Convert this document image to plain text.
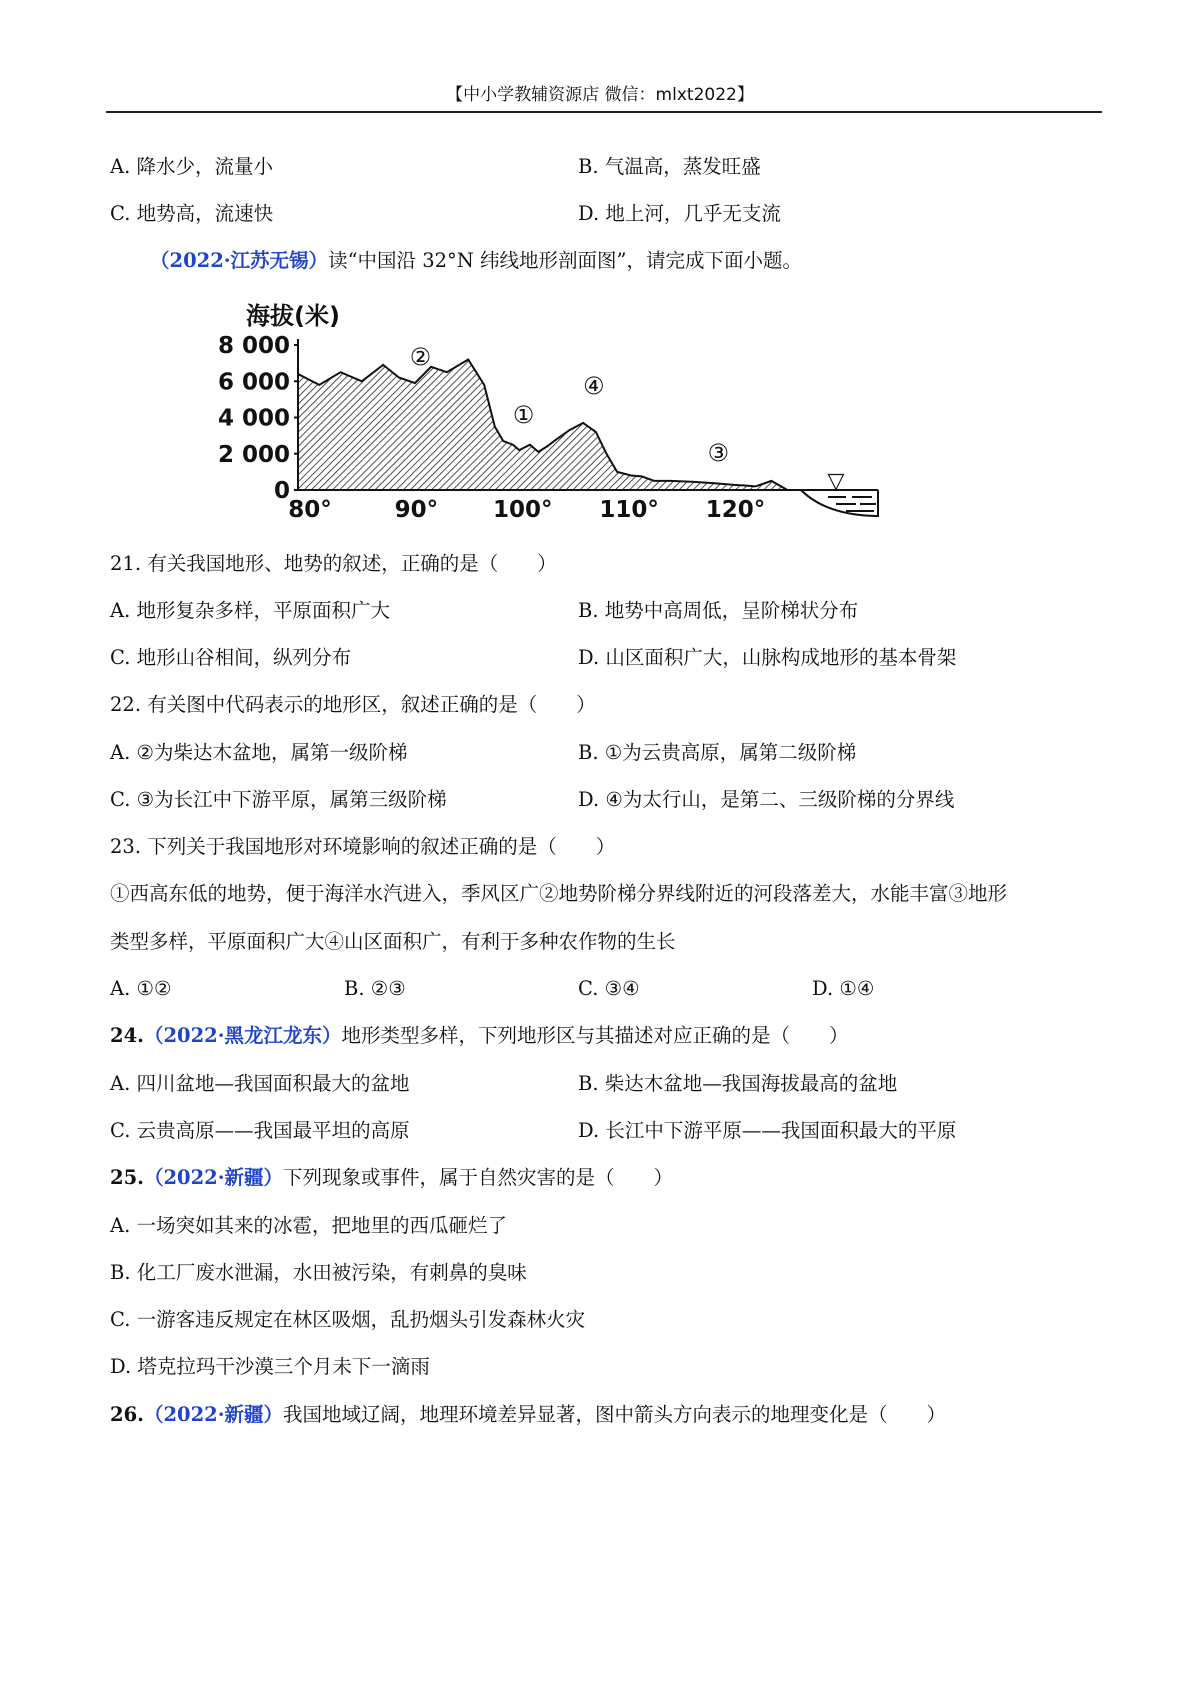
【中小学教辅资源店 微信：mlxt2022】
A. 降水少，流量小	B. 气温高，蒸发旺盛
C. 地势高，流速快	D. 地上河，几乎无支流
（2022·江苏无锡）读“中国沿 32°N 纬线地形剖面图”，请完成下面小题。
海拔(米)
8 000
6 000
4 000
2 000
0
80°	90° 100° 110° 120°
②
①
④
③
▽
21. 有关我国地形、地势的叙述，正确的是（　　）
A. 地形复杂多样，平原面积广大	B. 地势中高周低，呈阶梯状分布
C. 地形山谷相间，纵列分布	D. 山区面积广大，山脉构成地形的基本骨架
22. 有关图中代码表示的地形区，叙述正确的是（　　）
A. ②为柴达木盆地，属第一级阶梯	B. ①为云贵高原，属第二级阶梯
C. ③为长江中下游平原，属第三级阶梯	D. ④为太行山，是第二、三级阶梯的分界线
23. 下列关于我国地形对环境影响的叙述正确的是（　　）
①西高东低的地势，便于海洋水汽进入，季风区广②地势阶梯分界线附近的河段落差大，水能丰富③地形
类型多样，平原面积广大④山区面积广，有利于多种农作物的生长
A. ①②	B. ②③	C. ③④	D. ①④
24.（2022·黑龙江龙东）地形类型多样，下列地形区与其描述对应正确的是（　　）
A. 四川盆地—我国面积最大的盆地	B. 柴达木盆地—我国海拔最高的盆地
C. 云贵高原——我国最平坦的高原	D. 长江中下游平原——我国面积最大的平原
25.（2022·新疆）下列现象或事件，属于自然灾害的是（　　）
A. 一场突如其来的冰雹，把地里的西瓜砸烂了
B. 化工厂废水泄漏，水田被污染，有刺鼻的臭味
C. 一游客违反规定在林区吸烟，乱扔烟头引发森林火灾
D. 塔克拉玛干沙漠三个月未下一滴雨
26.（2022·新疆）我国地域辽阔，地理环境差异显著，图中箭头方向表示的地理变化是（　　）
